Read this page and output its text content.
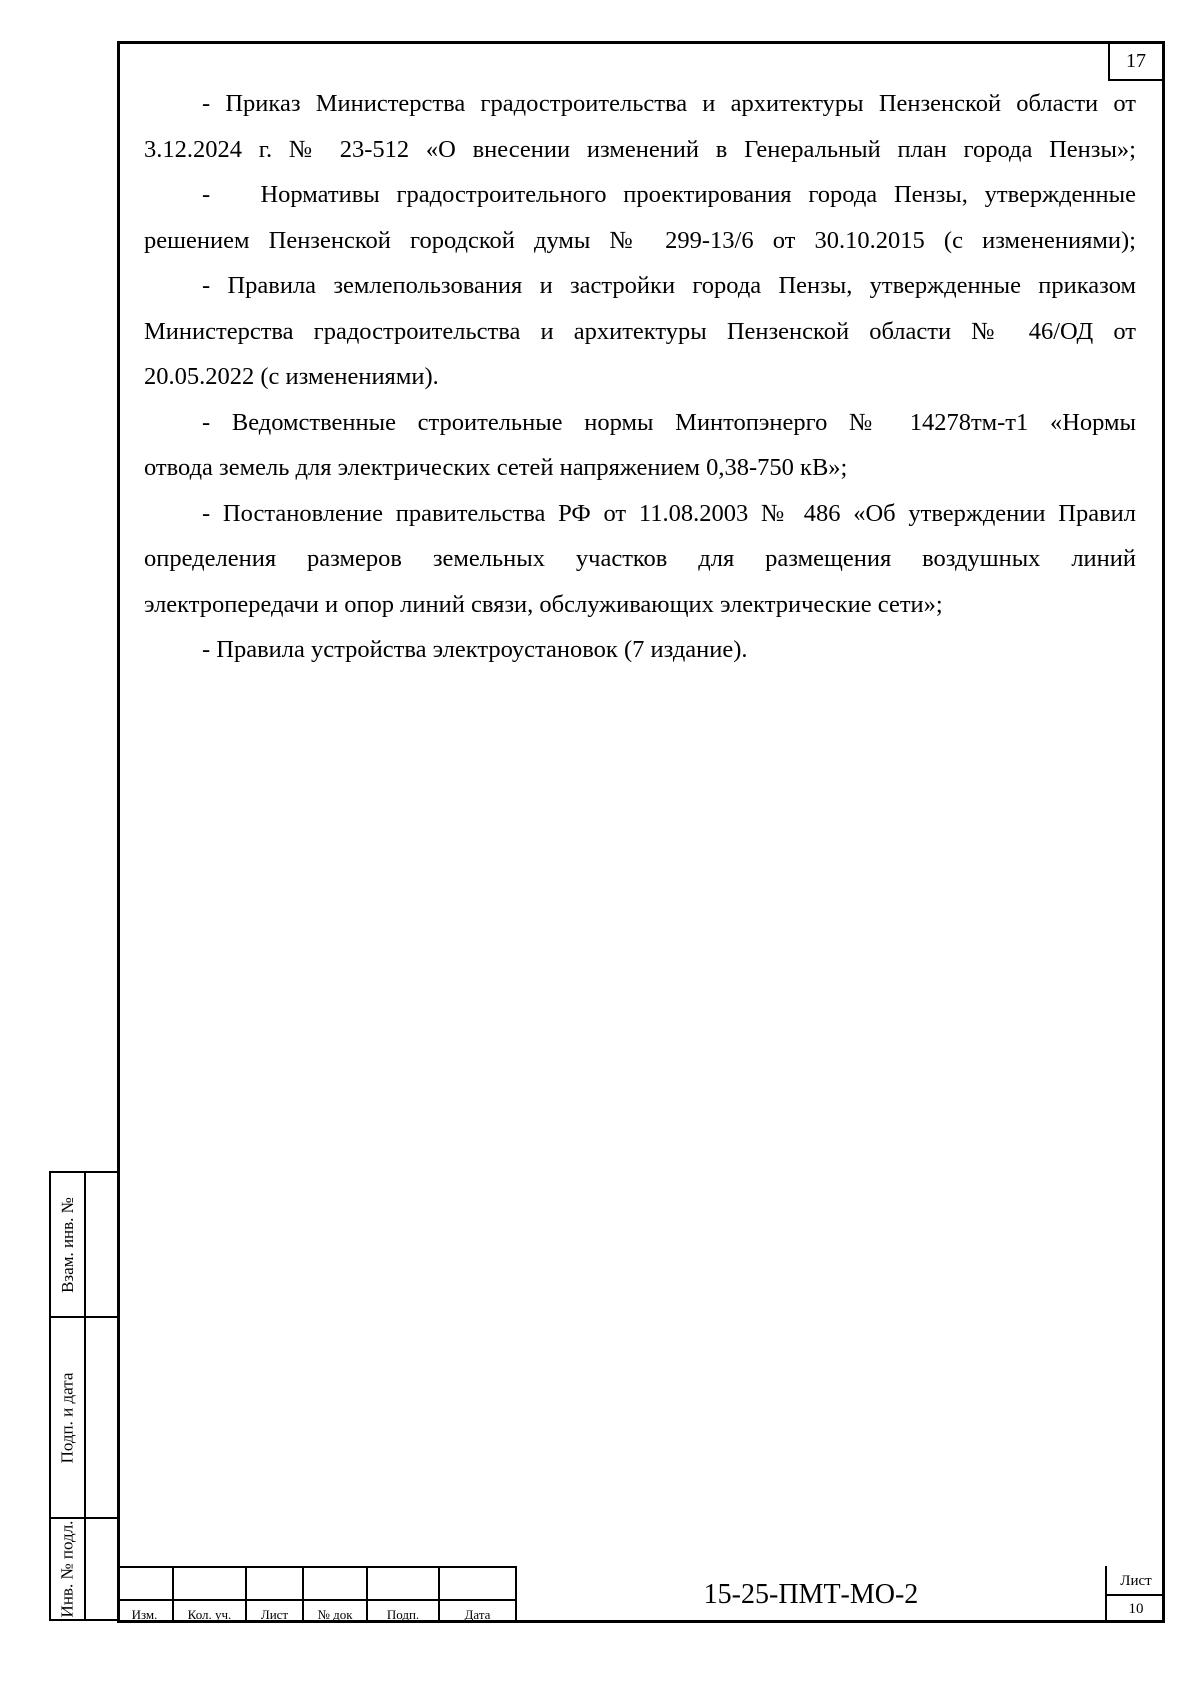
17
- Приказ Министерства градостроительства и архитектуры Пензенской области от
3.12.2024 г. № 23-512 «О внесении изменений в Генеральный план города Пензы»;
-   Нормативы градостроительного проектирования города Пензы, утвержденные
решением Пензенской городской думы № 299-13/6 от 30.10.2015 (с изменениями);
- Правила землепользования и застройки города Пензы, утвержденные приказом
Министерства градостроительства и архитектуры Пензенской области № 46/ОД от
20.05.2022 (с изменениями).
- Ведомственные строительные нормы Минтопэнерго № 14278тм-т1 «Нормы
отвода земель для электрических сетей напряжением 0,38-750 кВ»;
- Постановление правительства РФ от 11.08.2003 № 486 «Об утверждении Правил
определения размеров земельных участков для размещения воздушных линий
электропередачи и опор линий связи, обслуживающих электрические сети»;
- Правила устройства электроустановок (7 издание).
Взам. инв. №
Подп. и дата
Инв. № подл.	Изм.	Кол. уч.	Лист	№ док	Подп.	Дата
15-25-ПМТ-МО-2	Лист
10
